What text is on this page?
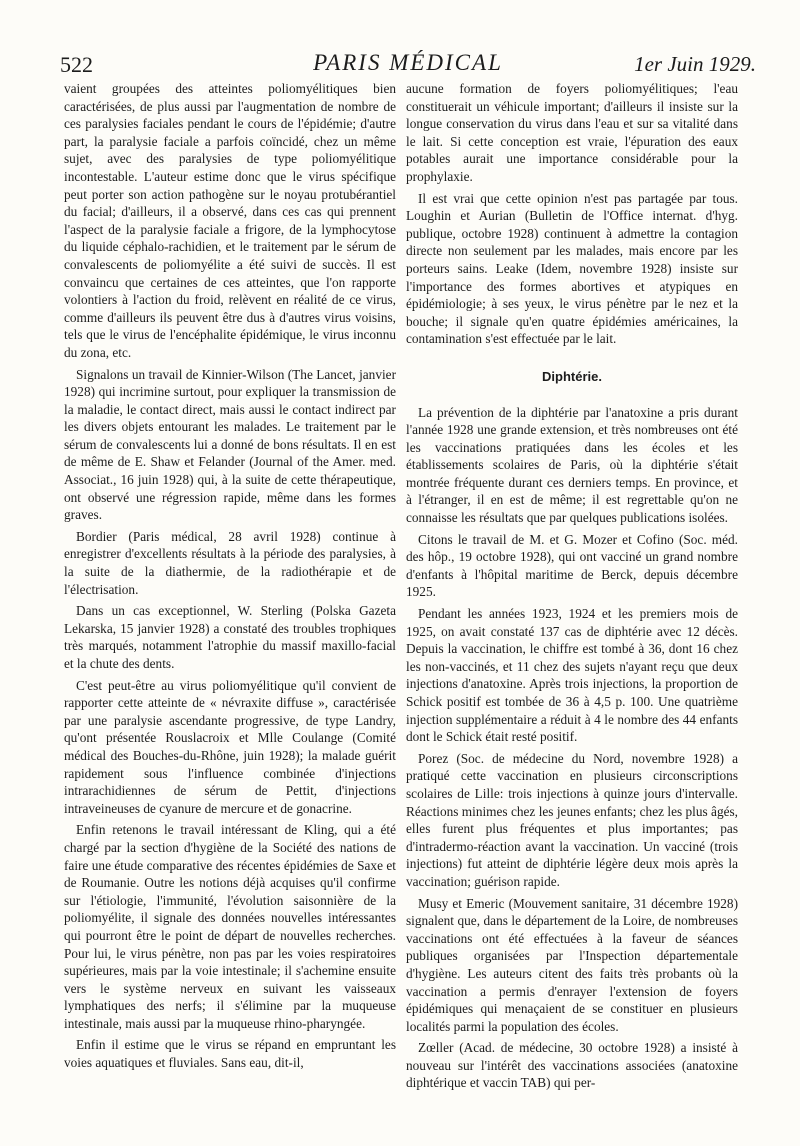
522	PARIS MÉDICAL	1er Juin 1929.

vaient groupées des atteintes poliomyélitiques bien caractérisées, de plus aussi par l'augmentation de nombre de ces paralysies faciales pendant le cours de l'épidémie; d'autre part, la paralysie faciale a parfois coïncidé, chez un même sujet, avec des paralysies de type poliomyélitique incontestable. L'auteur estime donc que le virus spécifique peut porter son action pathogène sur le noyau protubérantiel du facial; d'ailleurs, il a observé, dans ces cas qui prennent l'aspect de la paralysie faciale a frigore, de la lymphocytose du liquide céphalo-rachidien, et le traitement par le sérum de convalescents de poliomyélite a été suivi de succès. Il est convaincu que certaines de ces atteintes, que l'on rapporte volontiers à l'action du froid, relèvent en réalité de ce virus, comme d'ailleurs ils peuvent être dus à d'autres virus voisins, tels que le virus de l'encéphalite épidémique, le virus inconnu du zona, etc.

Signalons un travail de Kinnier-Wilson (The Lancet, janvier 1928) qui incrimine surtout, pour expliquer la transmission de la maladie, le contact direct, mais aussi le contact indirect par les divers objets entourant les malades. Le traitement par le sérum de convalescents lui a donné de bons résultats. Il en est de même de E. Shaw et Felander (Journal of the Amer. med. Associat., 16 juin 1928) qui, à la suite de cette thérapeutique, ont observé une régression rapide, même dans les formes graves.

Bordier (Paris médical, 28 avril 1928) continue à enregistrer d'excellents résultats à la période des paralysies, à la suite de la diathermie, de la radiothérapie et de l'électrisation.

Dans un cas exceptionnel, W. Sterling (Polska Gazeta Lekarska, 15 janvier 1928) a constaté des troubles trophiques très marqués, notamment l'atrophie du massif maxillo-facial et la chute des dents.

C'est peut-être au virus poliomyélitique qu'il convient de rapporter cette atteinte de « névraxite diffuse », caractérisée par une paralysie ascendante progressive, de type Landry, qu'ont présentée Rouslacroix et Mlle Coulange (Comité médical des Bouches-du-Rhône, juin 1928); la malade guérit rapidement sous l'influence combinée d'injections intrarachidiennes de sérum de Pettit, d'injections intraveineuses de cyanure de mercure et de gonacrine.

Enfin retenons le travail intéressant de Kling, qui a été chargé par la section d'hygiène de la Société des nations de faire une étude comparative des récentes épidémies de Saxe et de Roumanie. Outre les notions déjà acquises qu'il confirme sur l'étiologie, l'immunité, l'évolution saisonnière de la poliomyélite, il signale des données nouvelles intéressantes qui pourront être le point de départ de nouvelles recherches. Pour lui, le virus pénètre, non pas par les voies respiratoires supérieures, mais par la voie intestinale; il s'achemine ensuite vers le système nerveux en suivant les vaisseaux lymphatiques des nerfs; il s'élimine par la muqueuse intestinale, mais aussi par la muqueuse rhino-pharyngée.

Enfin il estime que le virus se répand en empruntant les voies aquatiques et fluviales. Sans eau, dit-il,

aucune formation de foyers poliomyélitiques; l'eau constituerait un véhicule important; d'ailleurs il insiste sur la longue conservation du virus dans l'eau et sur sa vitalité dans le lait. Si cette conception est vraie, l'épuration des eaux potables aurait une importance considérable pour la prophylaxie.

Il est vrai que cette opinion n'est pas partagée par tous. Loughin et Aurian (Bulletin de l'Office internat. d'hyg. publique, octobre 1928) continuent à admettre la contagion directe non seulement par les malades, mais encore par les porteurs sains. Leake (Idem, novembre 1928) insiste sur l'importance des formes abortives et atypiques en épidémiologie; à ses yeux, le virus pénètre par le nez et la bouche; il signale qu'en quatre épidémies américaines, la contamination s'est effectuée par le lait.

Diphtérie.

La prévention de la diphtérie par l'anatoxine a pris durant l'année 1928 une grande extension, et très nombreuses ont été les vaccinations pratiquées dans les écoles et les établissements scolaires de Paris, où la diphtérie s'était montrée fréquente durant ces derniers temps. En province, et à l'étranger, il en est de même; il est regrettable qu'on ne connaisse les résultats que par quelques publications isolées.

Citons le travail de M. et G. Mozer et Cofino (Soc. méd. des hôp., 19 octobre 1928), qui ont vacciné un grand nombre d'enfants à l'hôpital maritime de Berck, depuis décembre 1925.

Pendant les années 1923, 1924 et les premiers mois de 1925, on avait constaté 137 cas de diphtérie avec 12 décès. Depuis la vaccination, le chiffre est tombé à 36, dont 16 chez les non-vaccinés, et 11 chez des sujets n'ayant reçu que deux injections d'anatoxine. Après trois injections, la proportion de Schick positif est tombée de 36 à 4,5 p. 100. Une quatrième injection supplémentaire a réduit à 4 le nombre des 44 enfants dont le Schick était resté positif.

Porez (Soc. de médecine du Nord, novembre 1928) a pratiqué cette vaccination en plusieurs circonscriptions scolaires de Lille: trois injections à quinze jours d'intervalle. Réactions minimes chez les jeunes enfants; chez les plus âgés, elles furent plus fréquentes et plus importantes; pas d'intradermo-réaction avant la vaccination. Un vacciné (trois injections) fut atteint de diphtérie légère deux mois après la vaccination; guérison rapide.

Musy et Emeric (Mouvement sanitaire, 31 décembre 1928) signalent que, dans le département de la Loire, de nombreuses vaccinations ont été effectuées à la faveur de séances publiques organisées par l'Inspection départementale d'hygiène. Les auteurs citent des faits très probants où la vaccination a permis d'enrayer l'extension de foyers épidémiques qui menaçaient de se constituer en plusieurs localités parmi la population des écoles.

Zœller (Acad. de médecine, 30 octobre 1928) a insisté à nouveau sur l'intérêt des vaccinations associées (anatoxine diphtérique et vaccin TAB) qui per-
